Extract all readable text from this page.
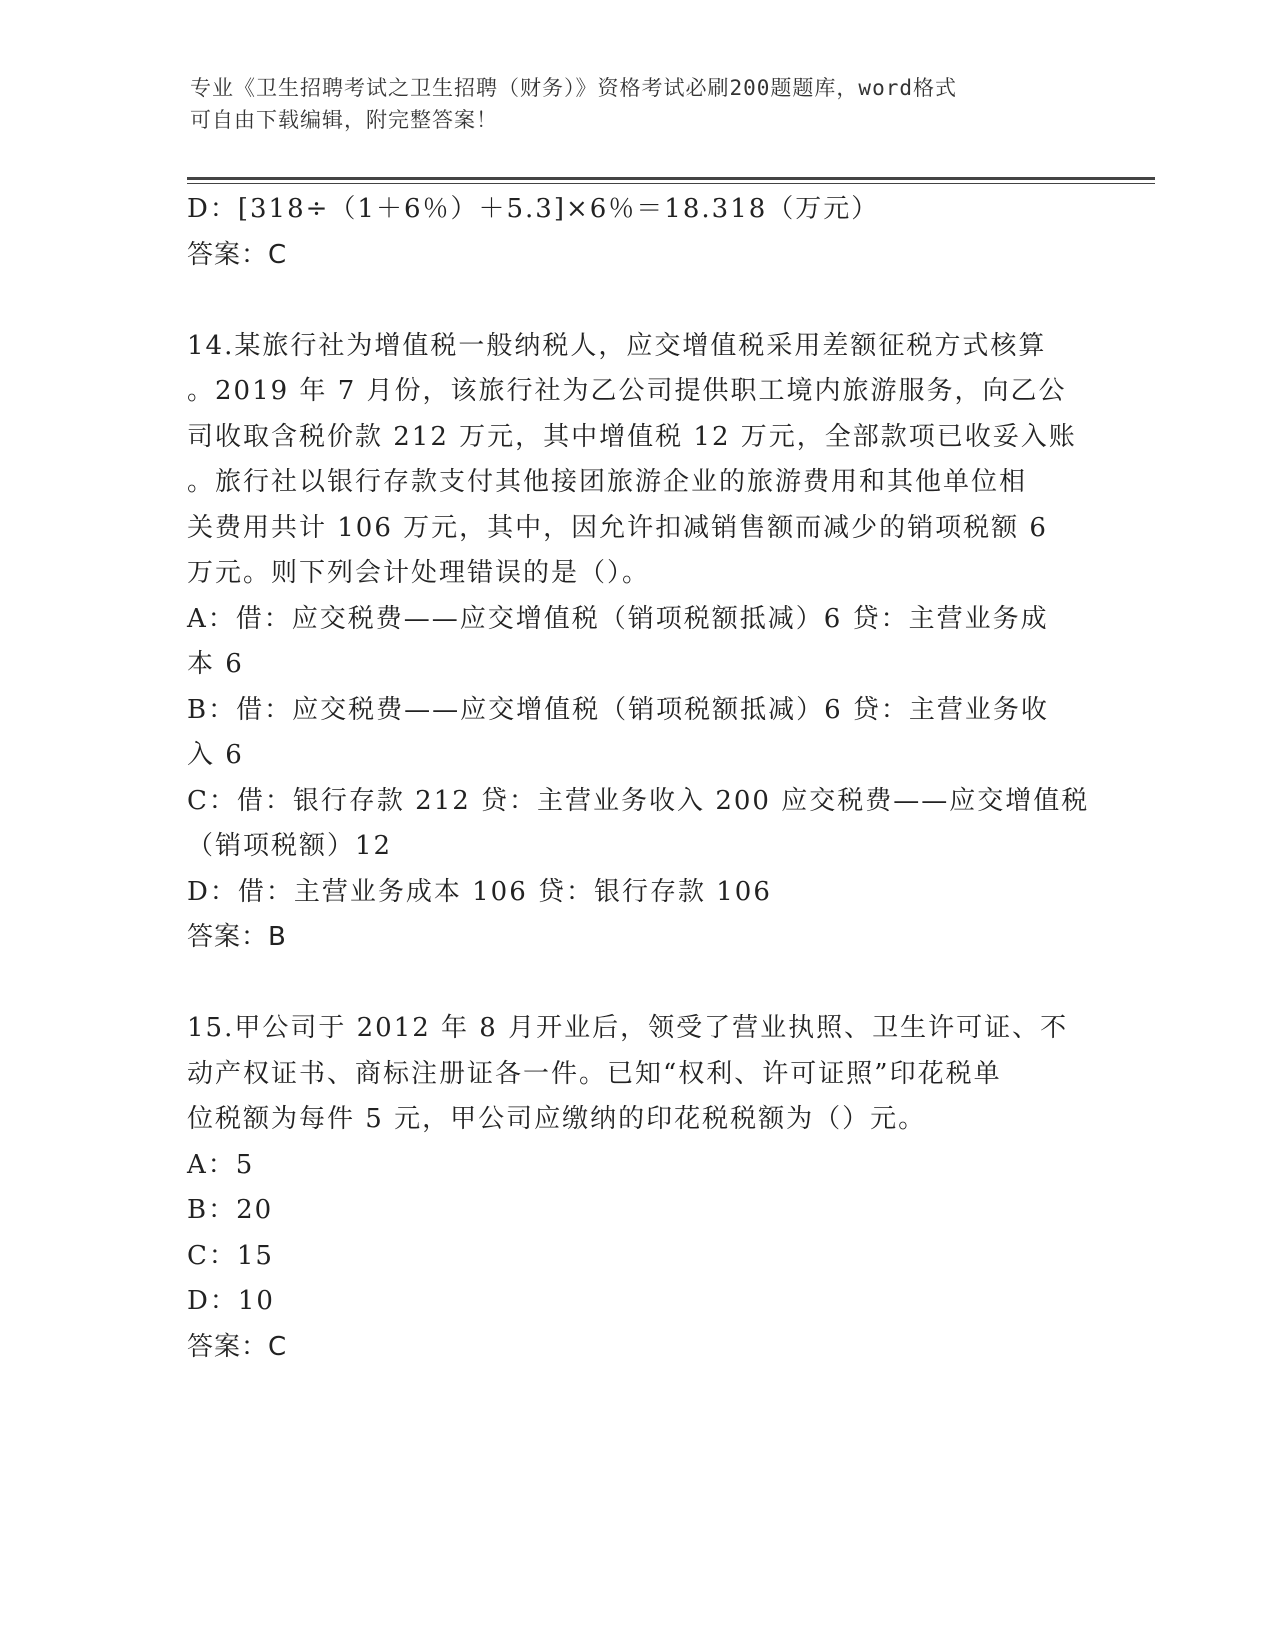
专业《卫生招聘考试之卫生招聘（财务）》资格考试必刷200题题库，word格式
可自由下载编辑，附完整答案！
D：[318÷（1＋6％）＋5.3]×6％＝18.318（万元）
答案：C
14.某旅行社为增值税一般纳税人，应交增值税采用差额征税方式核算
。2019 年 7 月份，该旅行社为乙公司提供职工境内旅游服务，向乙公
司收取含税价款 212 万元，其中增值税 12 万元，全部款项已收妥入账
。旅行社以银行存款支付其他接团旅游企业的旅游费用和其他单位相
关费用共计 106 万元，其中，因允许扣减销售额而减少的销项税额 6
万元。则下列会计处理错误的是（）。
A：借：应交税费——应交增值税（销项税额抵减）6 贷：主营业务成
本 6
B：借：应交税费——应交增值税（销项税额抵减）6 贷：主营业务收
入 6
C：借：银行存款 212 贷：主营业务收入 200 应交税费——应交增值税
（销项税额）12
D：借：主营业务成本 106 贷：银行存款 106
答案：B
15.甲公司于 2012 年 8 月开业后，领受了营业执照、卫生许可证、不
动产权证书、商标注册证各一件。已知“权利、许可证照”印花税单
位税额为每件 5 元，甲公司应缴纳的印花税税额为（）元。
A：5
B：20
C：15
D：10
答案：C
